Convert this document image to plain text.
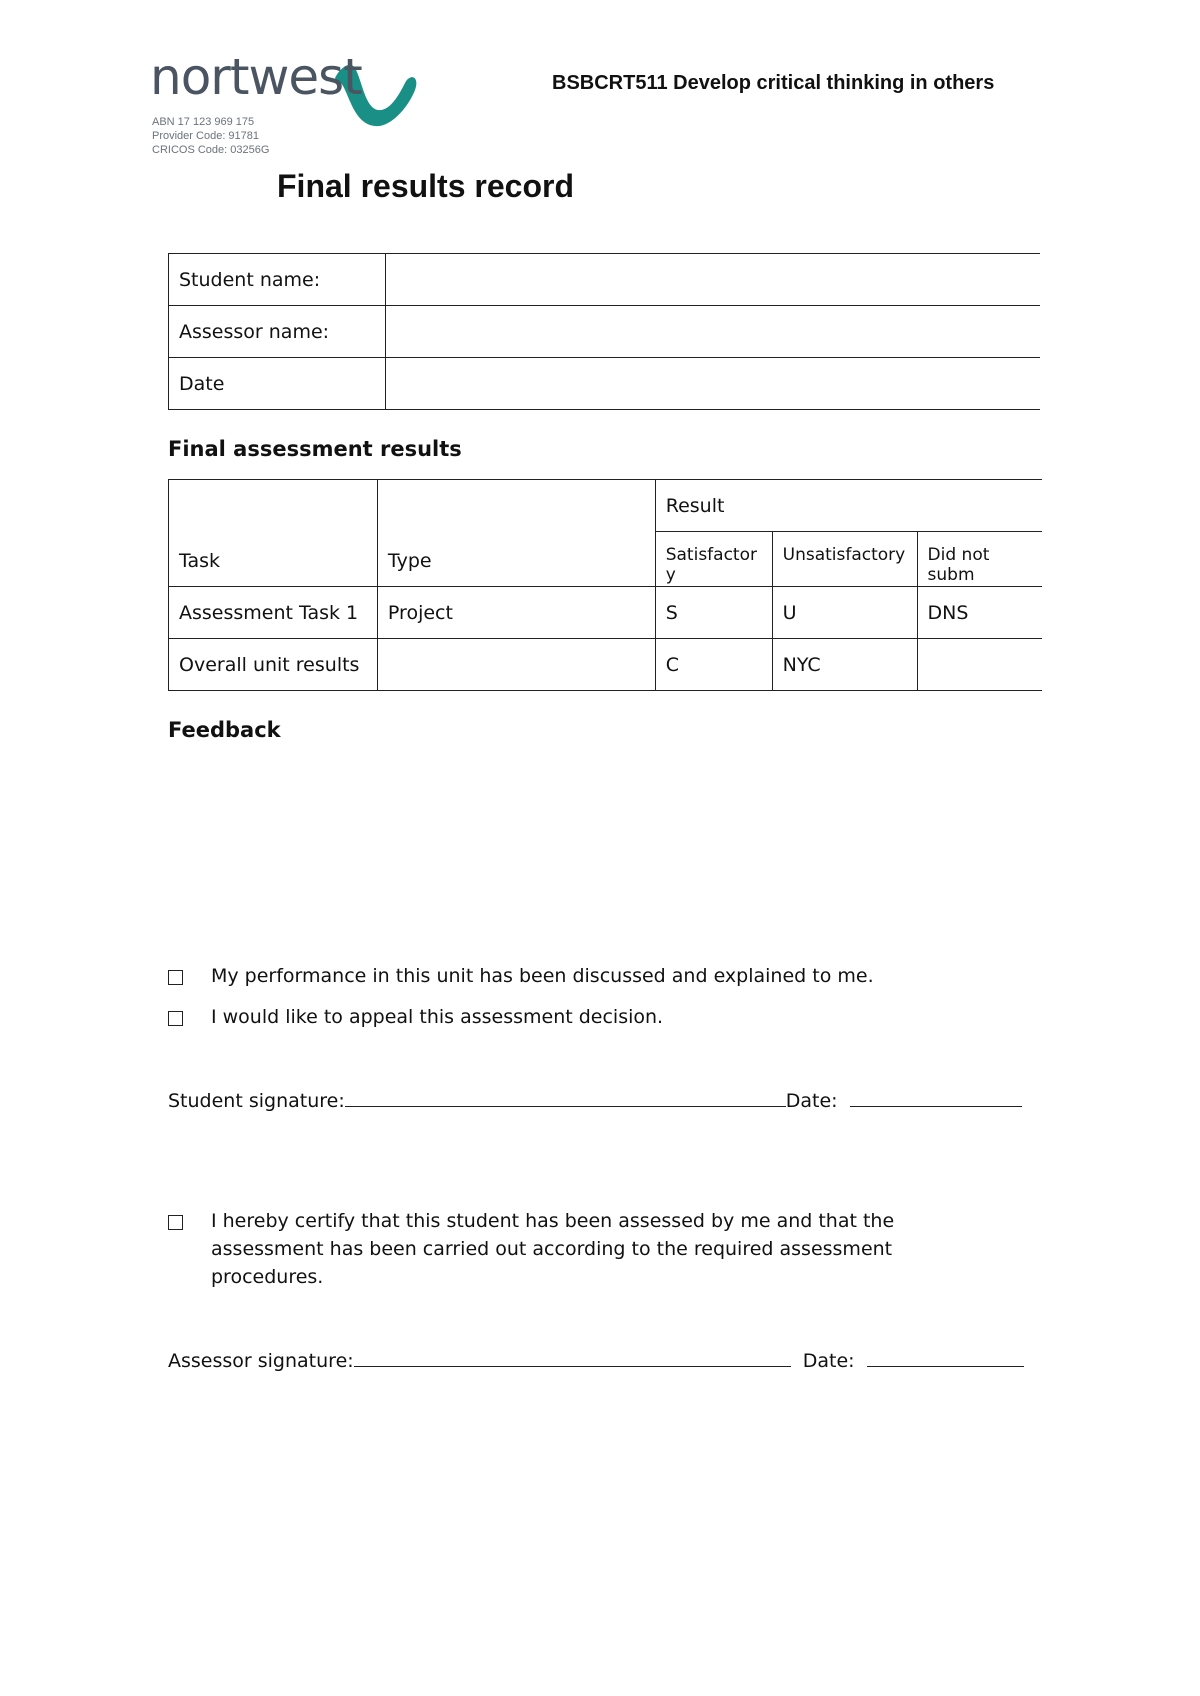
nortwest
ABN 17 123 969 175
Provider Code: 91781
CRICOS Code: 03256G
BSBCRT511 Develop critical thinking in others
Final results record
Student name:	
Assessor name:	
Date	
Final assessment results
Task	Type	Result		
		Satisfactory	Unsatisfactory	Did not subm
Assessment Task 1	Project	S	U	DNS
Overall unit results		C	NYC	
Feedback
My performance in this unit has been discussed and explained to me.
I would like to appeal this assessment decision.
Student signature:	Date:
I hereby certify that this student has been assessed by me and that the assessment has been carried out according to the required assessment procedures.
Assessor signature:	Date:
